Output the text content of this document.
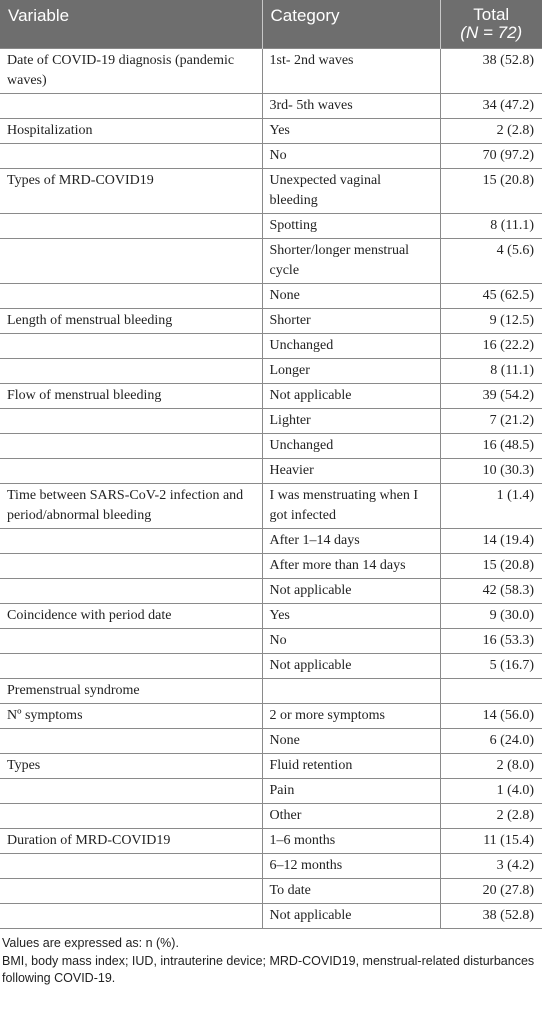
Variable	Category	Total
(N = 72)

Date of COVID-19 diagnosis (pandemic waves)	1st- 2nd waves	38 (52.8)
	3rd- 5th waves	34 (47.2)
Hospitalization	Yes	2 (2.8)
	No	70 (97.2)
Types of MRD-COVID19	Unexpected vaginal bleeding	15 (20.8)
	Spotting	8 (11.1)
	Shorter/longer menstrual cycle	4 (5.6)
	None	45 (62.5)
Length of menstrual bleeding	Shorter	9 (12.5)
	Unchanged	16 (22.2)
	Longer	8 (11.1)
Flow of menstrual bleeding	Not applicable	39 (54.2)
	Lighter	7 (21.2)
	Unchanged	16 (48.5)
	Heavier	10 (30.3)
Time between SARS-CoV-2 infection and period/abnormal bleeding	I was menstruating when I got infected	1 (1.4)
	After 1–14 days	14 (19.4)
	After more than 14 days	15 (20.8)
	Not applicable	42 (58.3)
Coincidence with period date	Yes	9 (30.0)
	No	16 (53.3)
	Not applicable	5 (16.7)
Premenstrual syndrome		
Nº symptoms	2 or more symptoms	14 (56.0)
	None	6 (24.0)
Types	Fluid retention	2 (8.0)
	Pain	1 (4.0)
	Other	2 (2.8)
Duration of MRD-COVID19	1–6 months	11 (15.4)
	6–12 months	3 (4.2)
	To date	20 (27.8)
	Not applicable	38 (52.8)

Values are expressed as: n (%).

BMI, body mass index; IUD, intrauterine device; MRD-COVID19, menstrual-related disturbances following COVID-19.
